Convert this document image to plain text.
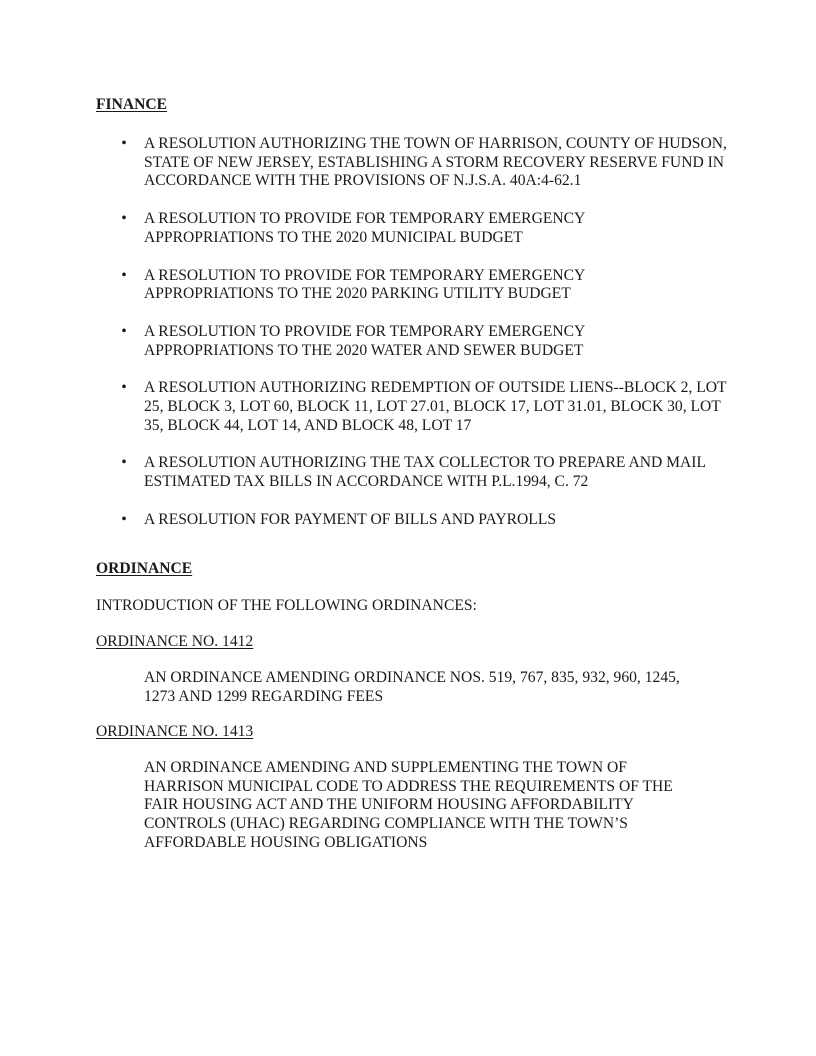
FINANCE

• A RESOLUTION AUTHORIZING THE TOWN OF HARRISON, COUNTY OF HUDSON, STATE OF NEW JERSEY, ESTABLISHING A STORM RECOVERY RESERVE FUND IN ACCORDANCE WITH THE PROVISIONS OF N.J.S.A. 40A:4-62.1
• A RESOLUTION TO PROVIDE FOR TEMPORARY EMERGENCY APPROPRIATIONS TO THE 2020 MUNICIPAL BUDGET
• A RESOLUTION TO PROVIDE FOR TEMPORARY EMERGENCY APPROPRIATIONS TO THE 2020 PARKING UTILITY BUDGET
• A RESOLUTION TO PROVIDE FOR TEMPORARY EMERGENCY APPROPRIATIONS TO THE 2020 WATER AND SEWER BUDGET
• A RESOLUTION AUTHORIZING REDEMPTION OF OUTSIDE LIENS--BLOCK 2, LOT 25, BLOCK 3, LOT 60, BLOCK 11, LOT 27.01, BLOCK 17, LOT 31.01, BLOCK 30, LOT 35, BLOCK 44, LOT 14, AND BLOCK 48, LOT 17
• A RESOLUTION AUTHORIZING THE TAX COLLECTOR TO PREPARE AND MAIL ESTIMATED TAX BILLS IN ACCORDANCE WITH P.L.1994, C. 72
• A RESOLUTION FOR PAYMENT OF BILLS AND PAYROLLS

ORDINANCE

INTRODUCTION OF THE FOLLOWING ORDINANCES:

ORDINANCE NO. 1412

AN ORDINANCE AMENDING ORDINANCE NOS. 519, 767, 835, 932, 960, 1245, 1273 AND 1299 REGARDING FEES

ORDINANCE NO. 1413

AN ORDINANCE AMENDING AND SUPPLEMENTING THE TOWN OF HARRISON MUNICIPAL CODE TO ADDRESS THE REQUIREMENTS OF THE FAIR HOUSING ACT AND THE UNIFORM HOUSING AFFORDABILITY CONTROLS (UHAC) REGARDING COMPLIANCE WITH THE TOWN’S AFFORDABLE HOUSING OBLIGATIONS
